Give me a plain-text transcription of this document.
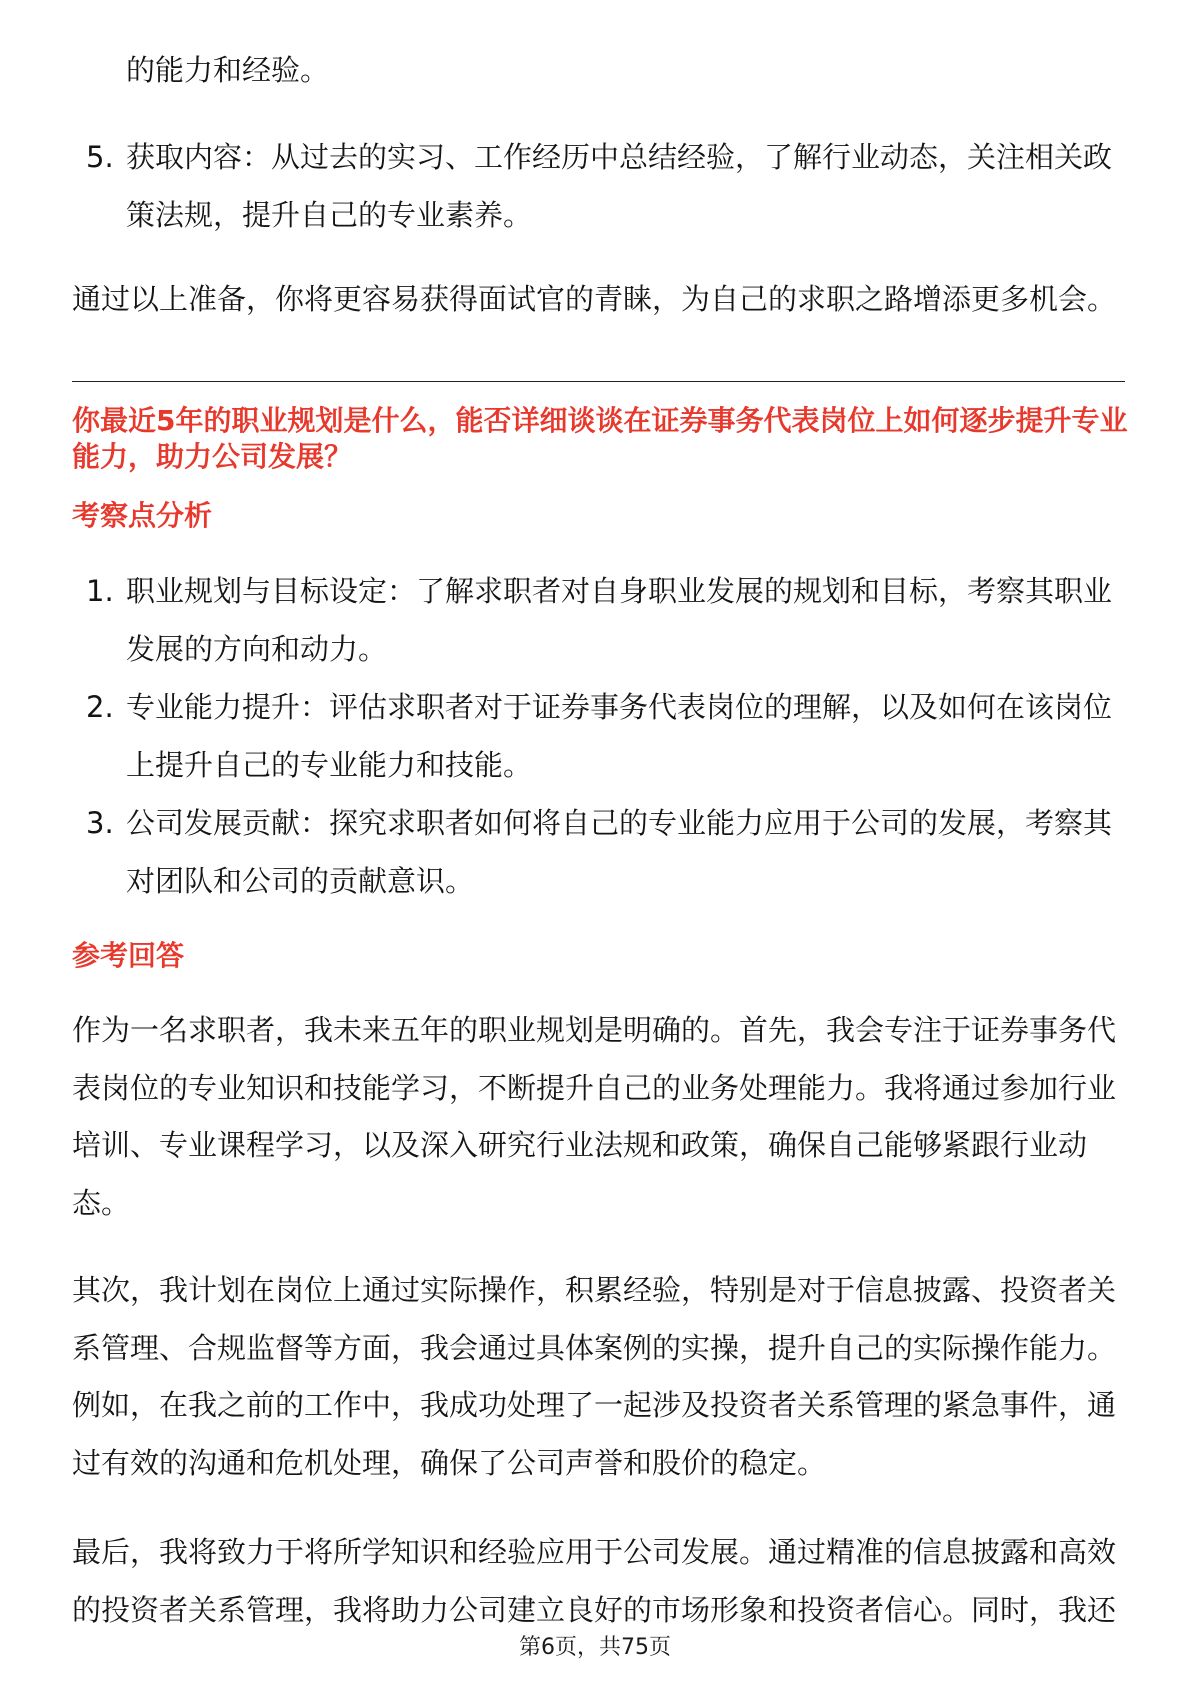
的能力和经验。

5. 获取内容：从过去的实习、工作经历中总结经验，了解行业动态，关注相关政策法规，提升自己的专业素养。

通过以上准备，你将更容易获得面试官的青睐，为自己的求职之路增添更多机会。

你最近5年的职业规划是什么，能否详细谈谈在证券事务代表岗位上如何逐步提升专业能力，助力公司发展？
考察点分析
1. 职业规划与目标设定：了解求职者对自身职业发展的规划和目标，考察其职业发展的方向和动力。
2. 专业能力提升：评估求职者对于证券事务代表岗位的理解，以及如何在该岗位上提升自己的专业能力和技能。
3. 公司发展贡献：探究求职者如何将自己的专业能力应用于公司的发展，考察其对团队和公司的贡献意识。
参考回答

作为一名求职者，我未来五年的职业规划是明确的。首先，我会专注于证券事务代表岗位的专业知识和技能学习，不断提升自己的业务处理能力。我将通过参加行业培训、专业课程学习，以及深入研究行业法规和政策，确保自己能够紧跟行业动态。

其次，我计划在岗位上通过实际操作，积累经验，特别是对于信息披露、投资者关系管理、合规监督等方面，我会通过具体案例的实操，提升自己的实际操作能力。例如，在我之前的工作中，我成功处理了一起涉及投资者关系管理的紧急事件，通过有效的沟通和危机处理，确保了公司声誉和股价的稳定。

最后，我将致力于将所学知识和经验应用于公司发展。通过精准的信息披露和高效的投资者关系管理，我将助力公司建立良好的市场形象和投资者信心。同时，我还

第6页，共75页
